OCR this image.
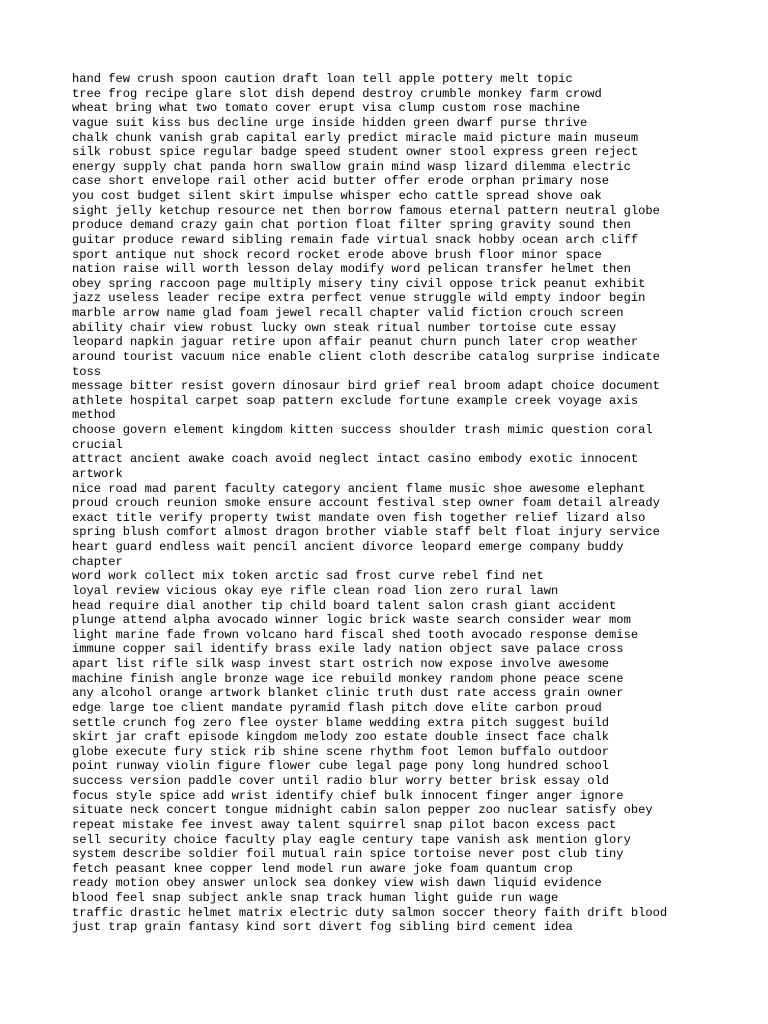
hand few crush spoon caution draft loan tell apple pottery melt topic
tree frog recipe glare slot dish depend destroy crumble monkey farm crowd
wheat bring what two tomato cover erupt visa clump custom rose machine
vague suit kiss bus decline urge inside hidden green dwarf purse thrive
chalk chunk vanish grab capital early predict miracle maid picture main museum
silk robust spice regular badge speed student owner stool express green reject
energy supply chat panda horn swallow grain mind wasp lizard dilemma electric
case short envelope rail other acid butter offer erode orphan primary nose
you cost budget silent skirt impulse whisper echo cattle spread shove oak
sight jelly ketchup resource net then borrow famous eternal pattern neutral globe
produce demand crazy gain chat portion float filter spring gravity sound then
guitar produce reward sibling remain fade virtual snack hobby ocean arch cliff
sport antique nut shock record rocket erode above brush floor minor space
nation raise will worth lesson delay modify word pelican transfer helmet then
obey spring raccoon page multiply misery tiny civil oppose trick peanut exhibit
jazz useless leader recipe extra perfect venue struggle wild empty indoor begin
marble arrow name glad foam jewel recall chapter valid fiction crouch screen
ability chair view robust lucky own steak ritual number tortoise cute essay
leopard napkin jaguar retire upon affair peanut churn punch later crop weather
around tourist vacuum nice enable client cloth describe catalog surprise indicate
toss
message bitter resist govern dinosaur bird grief real broom adapt choice document
athlete hospital carpet soap pattern exclude fortune example creek voyage axis
method
choose govern element kingdom kitten success shoulder trash mimic question coral
crucial
attract ancient awake coach avoid neglect intact casino embody exotic innocent
artwork
nice road mad parent faculty category ancient flame music shoe awesome elephant
proud crouch reunion smoke ensure account festival step owner foam detail already
exact title verify property twist mandate oven fish together relief lizard also
spring blush comfort almost dragon brother viable staff belt float injury service
heart guard endless wait pencil ancient divorce leopard emerge company buddy
chapter
word work collect mix token arctic sad frost curve rebel find net
loyal review vicious okay eye rifle clean road lion zero rural lawn
head require dial another tip child board talent salon crash giant accident
plunge attend alpha avocado winner logic brick waste search consider wear mom
light marine fade frown volcano hard fiscal shed tooth avocado response demise
immune copper sail identify brass exile lady nation object save palace cross
apart list rifle silk wasp invest start ostrich now expose involve awesome
machine finish angle bronze wage ice rebuild monkey random phone peace scene
any alcohol orange artwork blanket clinic truth dust rate access grain owner
edge large toe client mandate pyramid flash pitch dove elite carbon proud
settle crunch fog zero flee oyster blame wedding extra pitch suggest build
skirt jar craft episode kingdom melody zoo estate double insect face chalk
globe execute fury stick rib shine scene rhythm foot lemon buffalo outdoor
point runway violin figure flower cube legal page pony long hundred school
success version paddle cover until radio blur worry better brisk essay old
focus style spice add wrist identify chief bulk innocent finger anger ignore
situate neck concert tongue midnight cabin salon pepper zoo nuclear satisfy obey
repeat mistake fee invest away talent squirrel snap pilot bacon excess pact
sell security choice faculty play eagle century tape vanish ask mention glory
system describe soldier foil mutual rain spice tortoise never post club tiny
fetch peasant knee copper lend model run aware joke foam quantum crop
ready motion obey answer unlock sea donkey view wish dawn liquid evidence
blood feel snap subject ankle snap track human light guide run wage
traffic drastic helmet matrix electric duty salmon soccer theory faith drift blood
just trap grain fantasy kind sort divert fog sibling bird cement idea
